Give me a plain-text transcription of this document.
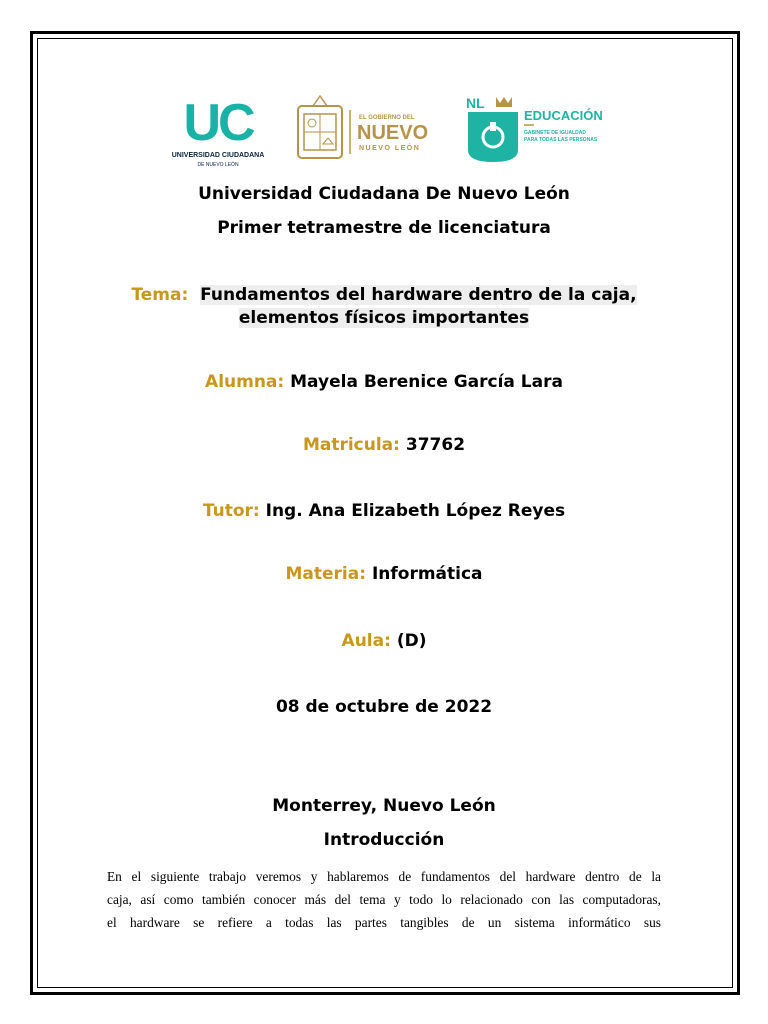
UC
UNIVERSIDAD CIUDADANA
DE NUEVO LEÓN
EL GOBIERNO DEL
NUEVO
NUEVO LEÓN
NL
EDUCACIÓN
GABINETE DE IGUALDAD
PARA TODAS LAS PERSONAS
Universidad Ciudadana De Nuevo León
Primer tetramestre de licenciatura
Tema: Fundamentos del hardware dentro de la caja,
elementos físicos importantes
Alumna: Mayela Berenice García Lara
Matricula: 37762
Tutor: Ing. Ana Elizabeth López Reyes
Materia: Informática
Aula: (D)
08 de octubre de 2022
Monterrey, Nuevo León
Introducción
En el siguiente trabajo veremos y hablaremos de fundamentos del hardware dentro de la
caja, así como también conocer más del tema y todo lo relacionado con las computadoras,
el hardware se refiere a todas las partes tangibles de un sistema informático sus
